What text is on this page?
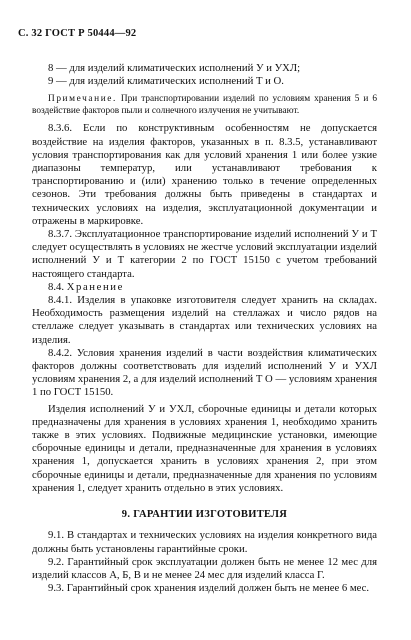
С. 32 ГОСТ Р 50444—92

8 — для изделий климатических исполнений У и УХЛ;

9 — для изделий климатических исполнений Т и О.

Примечание. При транспортировании изделий по условиям хранения 5 и 6 воздействие факторов пыли и солнечного излучения не учитывают.

8.3.6. Если по конструктивным особенностям не допускается воздействие на изделия факторов, указанных в п. 8.3.5, устанавливают условия транспортирования как для условий хранения 1 или более узкие диапазоны температур, или устанавливают требования к транспортированию и (или) хранению только в течение определенных сезонов. Эти требования должны быть приведены в стандартах и технических условиях на изделия, эксплуатационной документации и отражены в маркировке.

8.3.7. Эксплуатационное транспортирование изделий исполнений У и Т следует осуществлять в условиях не жестче условий эксплуатации изделий исполнений У и Т категории 2 по ГОСТ 15150 с учетом требований настоящего стандарта.

8.4. Хранение

8.4.1. Изделия в упаковке изготовителя следует хранить на складах. Необходимость размещения изделий на стеллажах и число рядов на стеллаже следует указывать в стандартах или технических условиях на изделия.

8.4.2. Условия хранения изделий в части воздействия климатических факторов должны соответствовать для изделий исполнений У и УХЛ условиям хранения 2, а для изделий исполнений Т О — условиям хранения 1 по ГОСТ 15150.

Изделия исполнений У и УХЛ, сборочные единицы и детали которых предназначены для хранения в условиях хранения 1, необходимо хранить также в этих условиях. Подвижные медицинские установки, имеющие сборочные единицы и детали, предназначенные для хранения в условиях хранения 1, допускается хранить в условиях хранения 2, при этом сборочные единицы и детали, предназначенные для хранения по условиям хранения 1, следует хранить отдельно в этих условиях.

9. ГАРАНТИИ ИЗГОТОВИТЕЛЯ

9.1. В стандартах и технических условиях на изделия конкретного вида должны быть установлены гарантийные сроки.

9.2. Гарантийный срок эксплуатации должен быть не менее 12 мес для изделий классов А, Б, В и не менее 24 мес для изделий класса Г.

9.3. Гарантийный срок хранения изделий должен быть не менее 6 мес.
